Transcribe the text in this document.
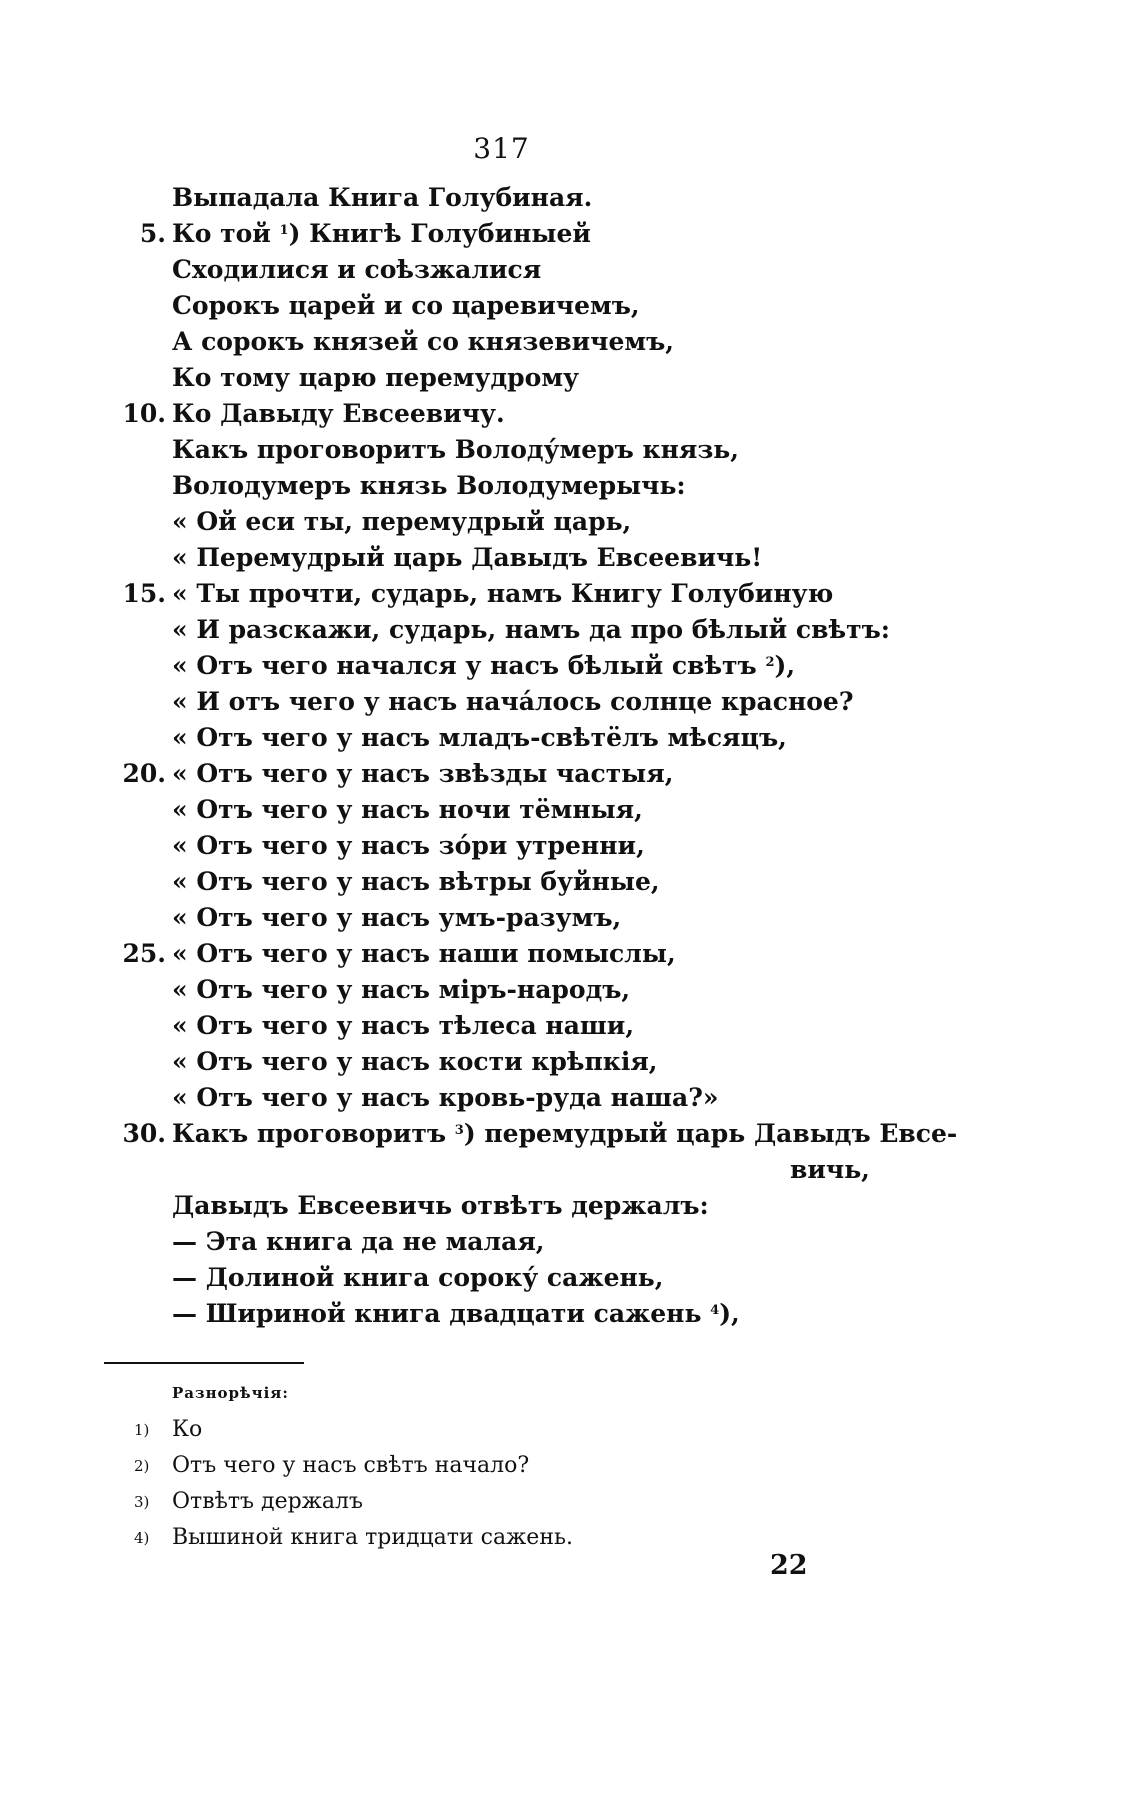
317
Выпадала Книга Голубиная.
5. Ко той $^1$) Книгѣ Голубиныей
Сходилися и соѣзжалися
Сорокъ царей и со царевичемъ,
А сорокъ князей со князевичемъ,
Ко тому царю перемудрому
10. Ко Давыду Евсеевичу.
Какъ проговоритъ Володу́меръ князь,
Володумеръ князь Володумерычь:
« Ой еси ты, перемудрый царь,
« Перемудрый царь Давыдъ Евсеевичь!
15. « Ты прочти, сударь, намъ Книгу Голубиную
« И разскажи, сударь, намъ да про бѣлый свѣтъ:
« Отъ чего начался у насъ бѣлый свѣтъ $^2$),
« И отъ чего у насъ нача́лось солнце красное?
« Отъ чего у насъ младъ-свѣтёлъ мѣсяцъ,
20. « Отъ чего у насъ звѣзды частыя,
« Отъ чего у насъ ночи тёмныя,
« Отъ чего у насъ зо́ри утренни,
« Отъ чего у насъ вѣтры буйные,
« Отъ чего у насъ умъ-разумъ,
25. « Отъ чего у насъ наши помыслы,
« Отъ чего у насъ міръ-народъ,
« Отъ чего у насъ тѣлеса наши,
« Отъ чего у насъ кости крѣпкія,
« Отъ чего у насъ кровь-руда наша?»
30. Какъ проговоритъ $^3$) перемудрый царь Давыдъ Евсе-
вичь,
Давыдъ Евсеевичь отвѣтъ держалъ:
— Эта книга да не малая,
— Долиной книга сороку́ сажень,
— Шириной книга двадцати сажень $^4$),
Разнорѣчія:
1) Ко
2) Отъ чего у насъ свѣтъ начало?
3) Отвѣтъ держалъ
4) Вышиной книга тридцати сажень.
22
